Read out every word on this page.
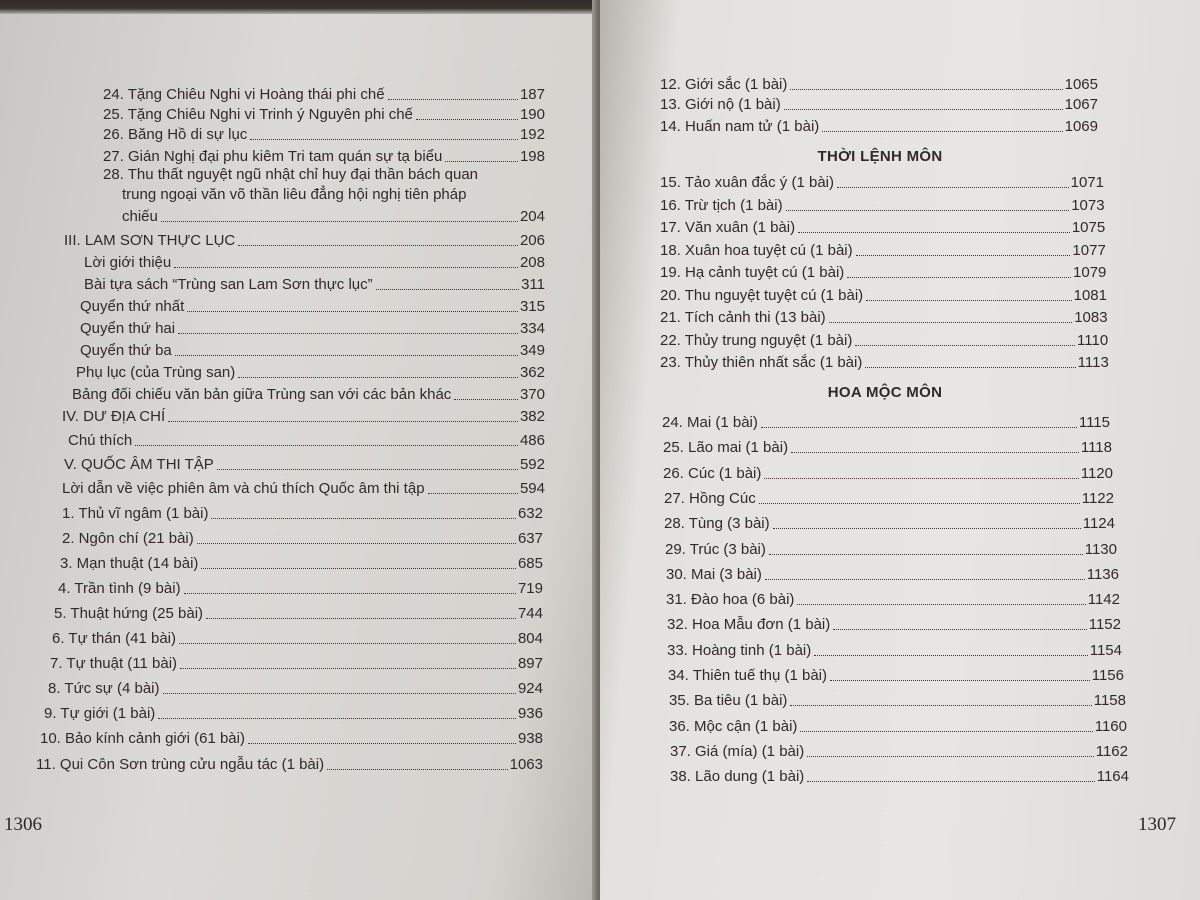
24. Tặng Chiêu Nghi vi Hoàng thái phi chế	187
25. Tặng Chiêu Nghi vi Trinh ý Nguyên phi chế	190
26. Băng Hồ di sự lục	192
27. Gián Nghị đại phu kiêm Tri tam quán sự tạ biểu	198
28. Thu thất nguyệt ngũ nhật chỉ huy đại thần bách quan
trung ngoại văn võ thần liêu đẳng hội nghị tiên pháp
chiếu	204
III. LAM SƠN THỰC LỤC	206
Lời giới thiệu	208
Bài tựa sách “Trùng san Lam Sơn thực lục”	311
Quyển thứ nhất	315
Quyển thứ hai	334
Quyển thứ ba	349
Phụ lục (của Trùng san)	362
Bảng đối chiếu văn bản giữa Trùng san với các bản khác	370
IV. DƯ ĐỊA CHÍ	382
Chú thích	486
V. QUỐC ÂM THI TẬP	592
Lời dẫn về việc phiên âm và chú thích Quốc âm thi tập	594
1. Thủ vĩ ngâm (1 bài)	632
2. Ngôn chí (21 bài)	637
3. Mạn thuật (14 bài)	685
4. Trần tình (9 bài)	719
5. Thuật hứng (25 bài)	744
6. Tự thán (41 bài)	804
7. Tự thuật (11 bài)	897
8. Tức sự (4 bài)	924
9. Tự giới (1 bài)	936
10. Bảo kính cảnh giới (61 bài)	938
11. Qui Côn Sơn trùng cửu ngẫu tác (1 bài)	1063
1306
12. Giới sắc (1 bài)	1065
13. Giới nộ (1 bài)	1067
14. Huấn nam tử (1 bài)	1069
15. Tảo xuân đắc ý (1 bài)	1071
16. Trừ tịch (1 bài)	1073
17. Văn xuân (1 bài)	1075
18. Xuân hoa tuyệt cú (1 bài)	1077
19. Hạ cảnh tuyệt cú (1 bài)	1079
20. Thu nguyệt tuyệt cú (1 bài)	1081
21. Tích cảnh thi (13 bài)	1083
22. Thủy trung nguyệt (1 bài)	1110
23. Thủy thiên nhất sắc (1 bài)	1113
24. Mai (1 bài)	1115
25. Lão mai (1 bài)	1118
26. Cúc (1 bài)	1120
27. Hồng Cúc	1122
28. Tùng (3 bài)	1124
29. Trúc (3 bài)	1130
30. Mai (3 bài)	1136
31. Đào hoa (6 bài)	1142
32. Hoa Mẫu đơn (1 bài)	1152
33. Hoàng tinh (1 bài)	1154
34. Thiên tuế thụ (1 bài)	1156
35. Ba tiêu (1 bài)	1158
36. Mộc cận (1 bài)	1160
37. Giá (mía) (1 bài)	1162
38. Lão dung (1 bài)	1164
THỜI LỆNH MÔN
HOA MỘC MÔN
1307
